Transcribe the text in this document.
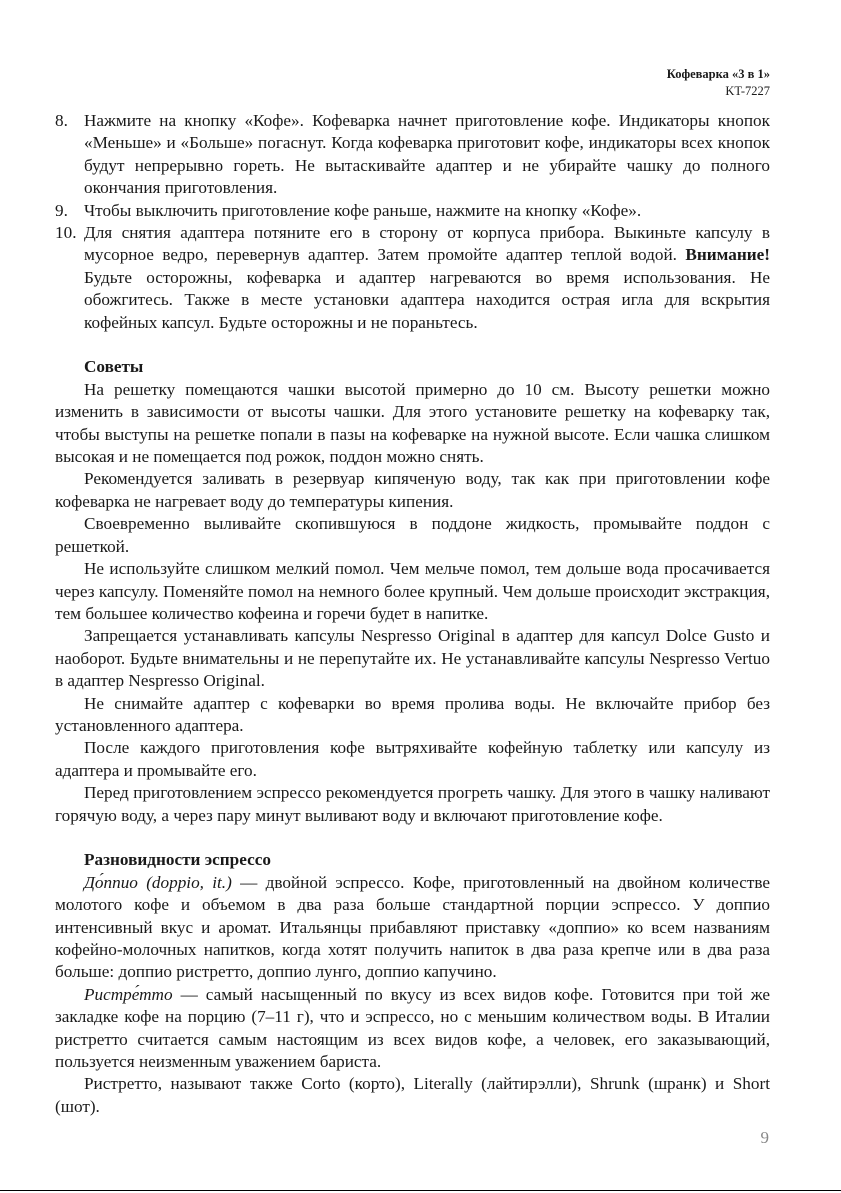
Кофеварка «3 в 1»
KT-7227
8. Нажмите на кнопку «Кофе». Кофеварка начнет приготовление кофе. Индикаторы кнопок «Меньше» и «Больше» погаснут. Когда кофеварка приготовит кофе, индикаторы всех кнопок будут непрерывно гореть. Не вытаскивайте адаптер и не убирайте чашку до полного окончания приготовления.
9. Чтобы выключить приготовление кофе раньше, нажмите на кнопку «Кофе».
10. Для снятия адаптера потяните его в сторону от корпуса прибора. Выкиньте капсулу в мусорное ведро, перевернув адаптер. Затем промойте адаптер теплой водой. Внимание! Будьте осторожны, кофеварка и адаптер нагреваются во время использования. Не обожгитесь. Также в месте установки адаптера находится острая игла для вскрытия кофейных капсул. Будьте осторожны и не пораньтесь.
Советы

На решетку помещаются чашки высотой примерно до 10 см. Высоту решетки можно изменить в зависимости от высоты чашки. Для этого установите решетку на кофеварку так, чтобы выступы на решетке попали в пазы на кофеварке на нужной высоте. Если чашка слишком высокая и не помещается под рожок, поддон можно снять.

Рекомендуется заливать в резервуар кипяченую воду, так как при приготовлении кофе кофеварка не нагревает воду до температуры кипения.

Своевременно выливайте скопившуюся в поддоне жидкость, промывайте поддон с решеткой.

Не используйте слишком мелкий помол. Чем мельче помол, тем дольше вода просачивается через капсулу. Поменяйте помол на немного более крупный. Чем дольше происходит экстракция, тем большее количество кофеина и горечи будет в напитке.

Запрещается устанавливать капсулы Nespresso Original в адаптер для капсул Dolce Gusto и наоборот. Будьте внимательны и не перепутайте их. Не устанавливайте капсулы Nespresso Vertuo в адаптер Nespresso Original.

Не снимайте адаптер с кофеварки во время пролива воды. Не включайте прибор без установленного адаптера.

После каждого приготовления кофе вытряхивайте кофейную таблетку или капсулу из адаптера и промывайте его.

Перед приготовлением эспрессо рекомендуется прогреть чашку. Для этого в чашку наливают горячую воду, а через пару минут выливают воду и включают приготовление кофе.

Разновидности эспрессо

До́ппио (doppio, it.) — двойной эспрессо. Кофе, приготовленный на двойном количестве молотого кофе и объемом в два раза больше стандартной порции эспрессо. У доппио интенсивный вкус и аромат. Итальянцы прибавляют приставку «доппио» ко всем названиям кофейно-молочных напитков, когда хотят получить напиток в два раза крепче или в два раза больше: доппио ристретто, доппио лунго, доппио капучино.

Ристре́тто — самый насыщенный по вкусу из всех видов кофе. Готовится при той же закладке кофе на порцию (7–11 г), что и эспрессо, но с меньшим количеством воды. В Италии ристретто считается самым настоящим из всех видов кофе, а человек, его заказывающий, пользуется неизменным уважением бариста.

Ристретто, называют также Corto (корто), Literally (лайтирэлли), Shrunk (шранк) и Short (шот).

9
